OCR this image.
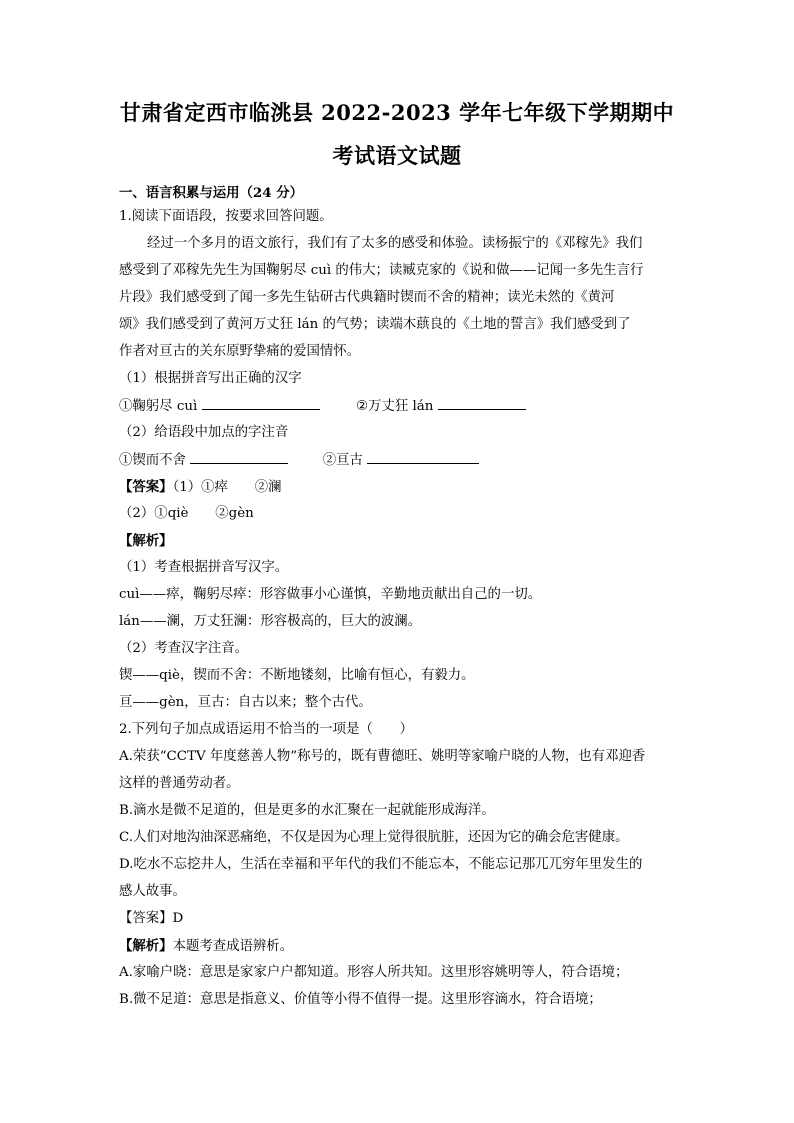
甘肃省定西市临洮县 2022-2023 学年七年级下学期期中
考试语文试题
一、语言积累与运用（24 分）
1.阅读下面语段，按要求回答问题。
经过一个多月的语文旅行，我们有了太多的感受和体验。读杨振宁的《邓稼先》我们
感受到了邓稼先先生为国鞠躬尽 cuì 的伟大；读臧克家的《说和做——记闻一多先生言行
片段》我们感受到了闻一多先生钻研古代典籍时锲而不舍的精神；读光未然的《黄河
颂》我们感受到了黄河万丈狂 lán 的气势；读端木蕻良的《土地的誓言》我们感受到了
作者对亘古的关东原野挚痛的爱国情怀。
（1）根据拼音写出正确的汉字
①鞠躬尽 cuì	②万丈狂 lán
（2）给语段中加点的字注音
①锲而不舍	②亘古
【答案】（1）①瘁　　②澜
（2）①qiè　　②gèn
【解析】
（1）考查根据拼音写汉字。
cuì——瘁，鞠躬尽瘁：形容做事小心谨慎，辛勤地贡献出自己的一切。
lán——澜，万丈狂澜：形容极高的，巨大的波澜。
（2）考查汉字注音。
锲——qiè，锲而不舍：不断地镂刻，比喻有恒心，有毅力。
亘——gèn，亘古：自古以来；整个古代。
2.下列句子加点成语运用不恰当的一项是（　　）
A.荣获“CCTV 年度慈善人物”称号的，既有曹德旺、姚明等家喻户晓的人物，也有邓迎香
这样的普通劳动者。
B.滴水是微不足道的，但是更多的水汇聚在一起就能形成海洋。
C.人们对地沟油深恶痛绝，不仅是因为心理上觉得很肮脏，还因为它的确会危害健康。
D.吃水不忘挖井人，生活在幸福和平年代的我们不能忘本，不能忘记那兀兀穷年里发生的
感人故事。
【答案】D
【解析】本题考查成语辨析。
A.家喻户晓：意思是家家户户都知道。形容人所共知。这里形容姚明等人，符合语境；
B.微不足道：意思是指意义、价值等小得不值得一提。这里形容滴水，符合语境；
